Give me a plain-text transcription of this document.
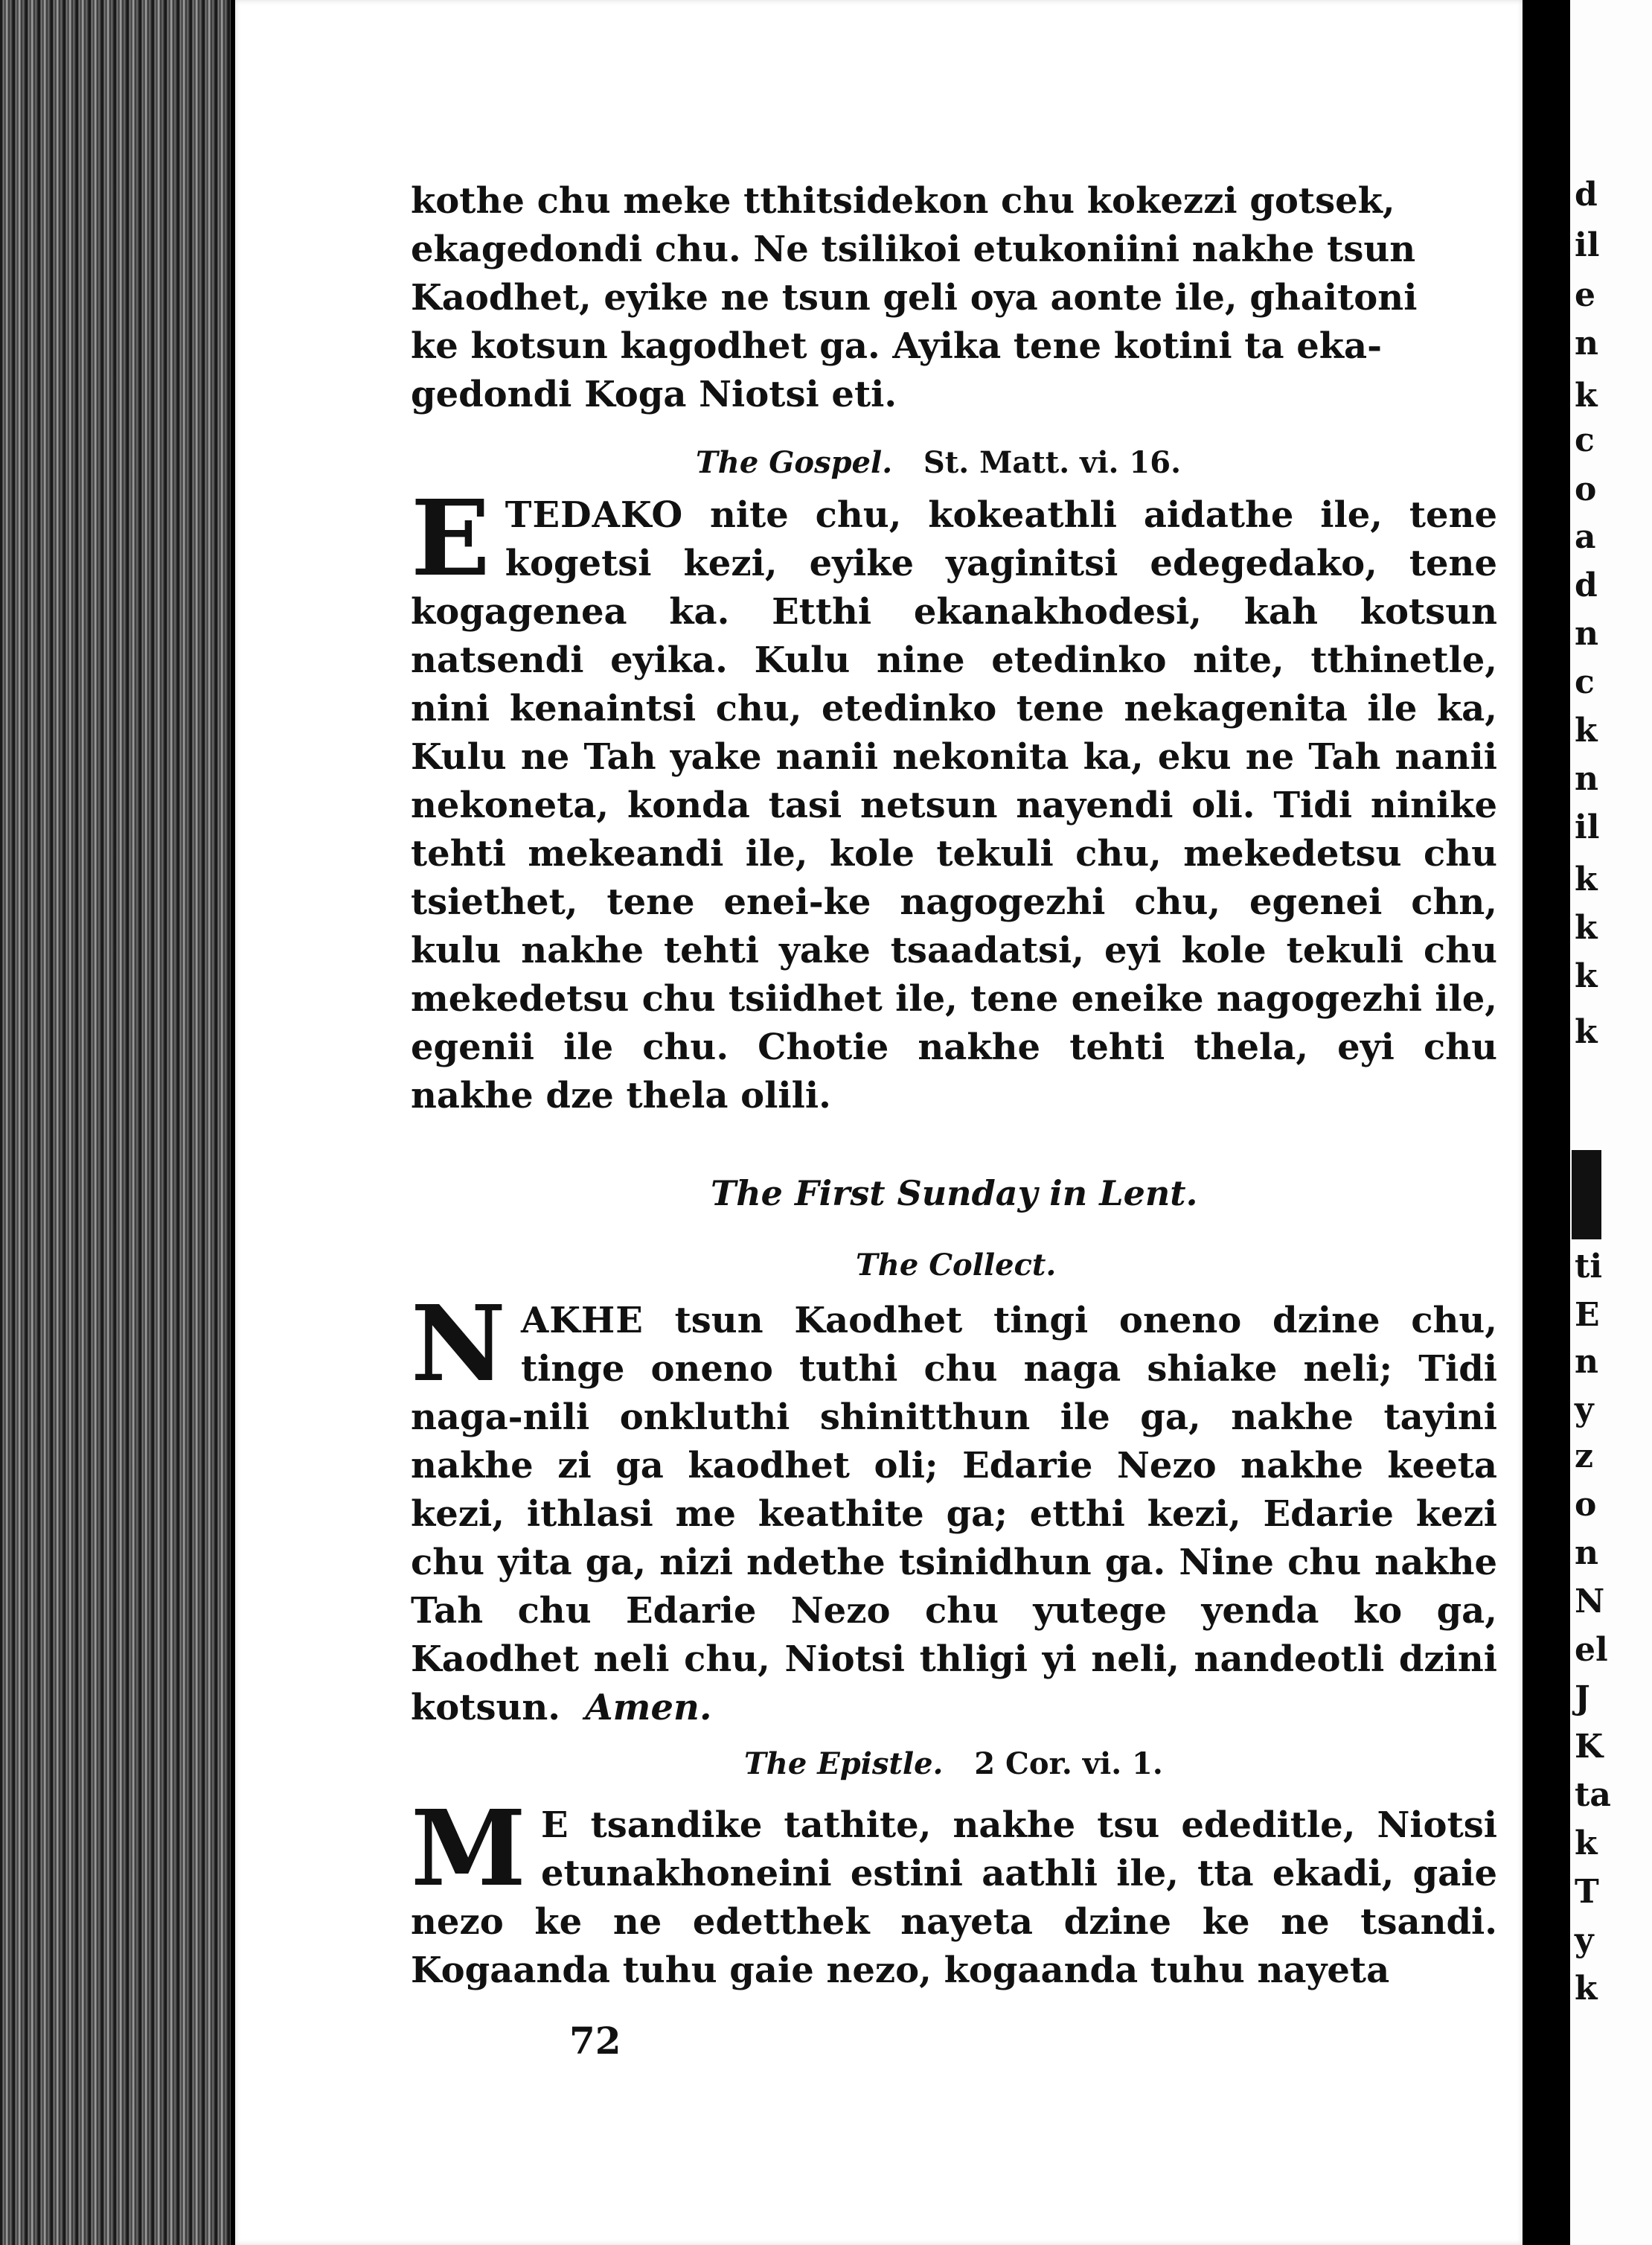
kothe chu meke tthitsidekon chu kokezzi gotsek,
ekagedondi chu. Ne tsilikoi etukoniini nakhe tsun
Kaodhet, eyike ne tsun geli oya aonte ile, ghaitoni
ke kotsun kagodhet ga. Ayika tene kotini ta eka-
gedondi Koga Niotsi eti.

The Gospel. St. Matt. vi. 16.

ETEDAKO nite chu, kokeathli aidathe ile, tene kogetsi kezi, eyike yaginitsi edegedako, tene kogagenea ka. Etthi ekanakhodesi, kah kotsun natsendi eyika. Kulu nine etedinko nite, tthinetle, nini kenaintsi chu, etedinko tene nekagenita ile ka, Kulu ne Tah yake nanii nekonita ka, eku ne Tah nanii nekoneta, konda tasi netsun nayendi oli. Tidi ninike tehti mekeandi ile, kole tekuli chu, mekedetsu chu tsiethet, tene enei-ke nagogezhi chu, egenei chn, kulu nakhe tehti yake tsaadatsi, eyi kole tekuli chu mekedetsu chu tsiidhet ile, tene eneike nagogezhi ile, egenii ile chu. Chotie nakhe tehti thela, eyi chu nakhe dze thela olili.

The First Sunday in Lent.
The Collect.

NAKHE tsun Kaodhet tingi oneno dzine chu, tinge oneno tuthi chu naga shiake neli; Tidi naga-nili onkluthi shinitthun ile ga, nakhe tayini nakhe zi ga kaodhet oli; Edarie Nezo nakhe keeta kezi, ithlasi me keathite ga; etthi kezi, Edarie kezi chu yita ga, nizi ndethe tsinidhun ga. Nine chu nakhe Tah chu Edarie Nezo chu yutege yenda ko ga, Kaodhet neli chu, Niotsi thligi yi neli, nandeotli dzini kotsun. Amen.

The Epistle. 2 Cor. vi. 1.

M E tsandike tathite, nakhe tsu ededitle, Niotsi etunakhoneini estini aathli ile, tta ekadi, gaie nezo ke ne edetthek nayeta dzine ke ne tsandi. Kogaanda tuhu gaie nezo, kogaanda tuhu nayeta

72
d
il
e
n
k
c
o
a
d
n
c
k
n
il
k
k
k
k
ti
E
n
y
z
o
n
N
el
J
K
ta
k
T
y
k
